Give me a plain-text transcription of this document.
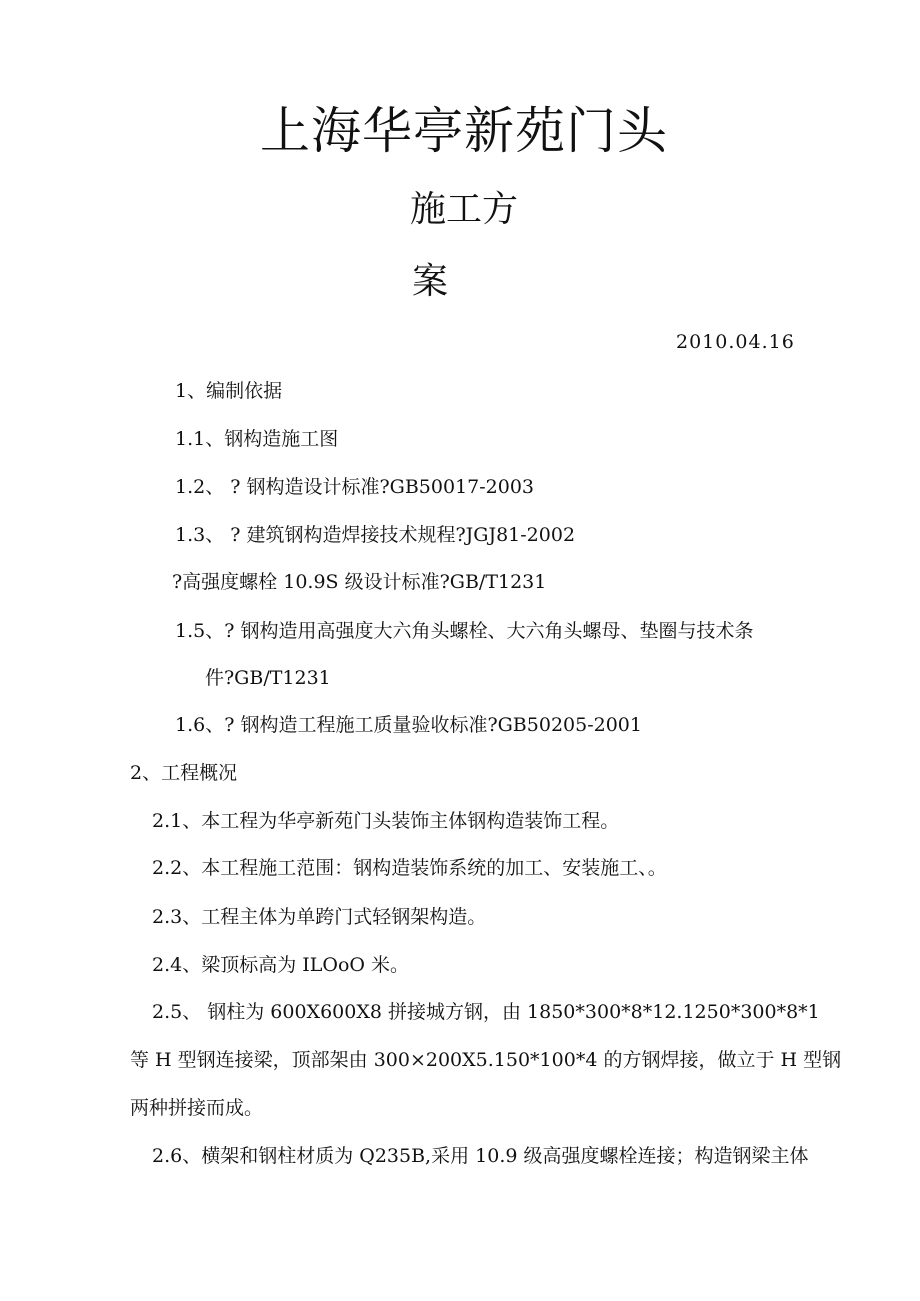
上海华亭新苑门头
施工方
案
2010.04.16
1、编制依据
1.1、钢构造施工图
1.2、 ? 钢构造设计标准?GB50017-2003
1.3、 ? 建筑钢构造焊接技术规程?JGJ81-2002
?高强度螺栓 10.9S 级设计标准?GB/T1231
1.5、? 钢构造用高强度大六角头螺栓、大六角头螺母、垫圈与技术条
件?GB/T1231
1.6、? 钢构造工程施工质量验收标准?GB50205-2001
2、工程概况
2.1、本工程为华亭新苑门头装饰主体钢构造装饰工程。
2.2、本工程施工范围：钢构造装饰系统的加工、安装施工、。
2.3、工程主体为单跨门式轻钢架构造。
2.4、梁顶标高为 ILOoO 米。
2.5、 钢柱为 600X600X8 拼接城方钢，由 1850*300*8*12.1250*300*8*1
等 H 型钢连接梁，顶部架由 300×200X5.150*100*4 的方钢焊接，做立于 H 型钢
两种拼接而成。
2.6、横架和钢柱材质为 Q235B,采用 10.9 级高强度螺栓连接；构造钢梁主体
